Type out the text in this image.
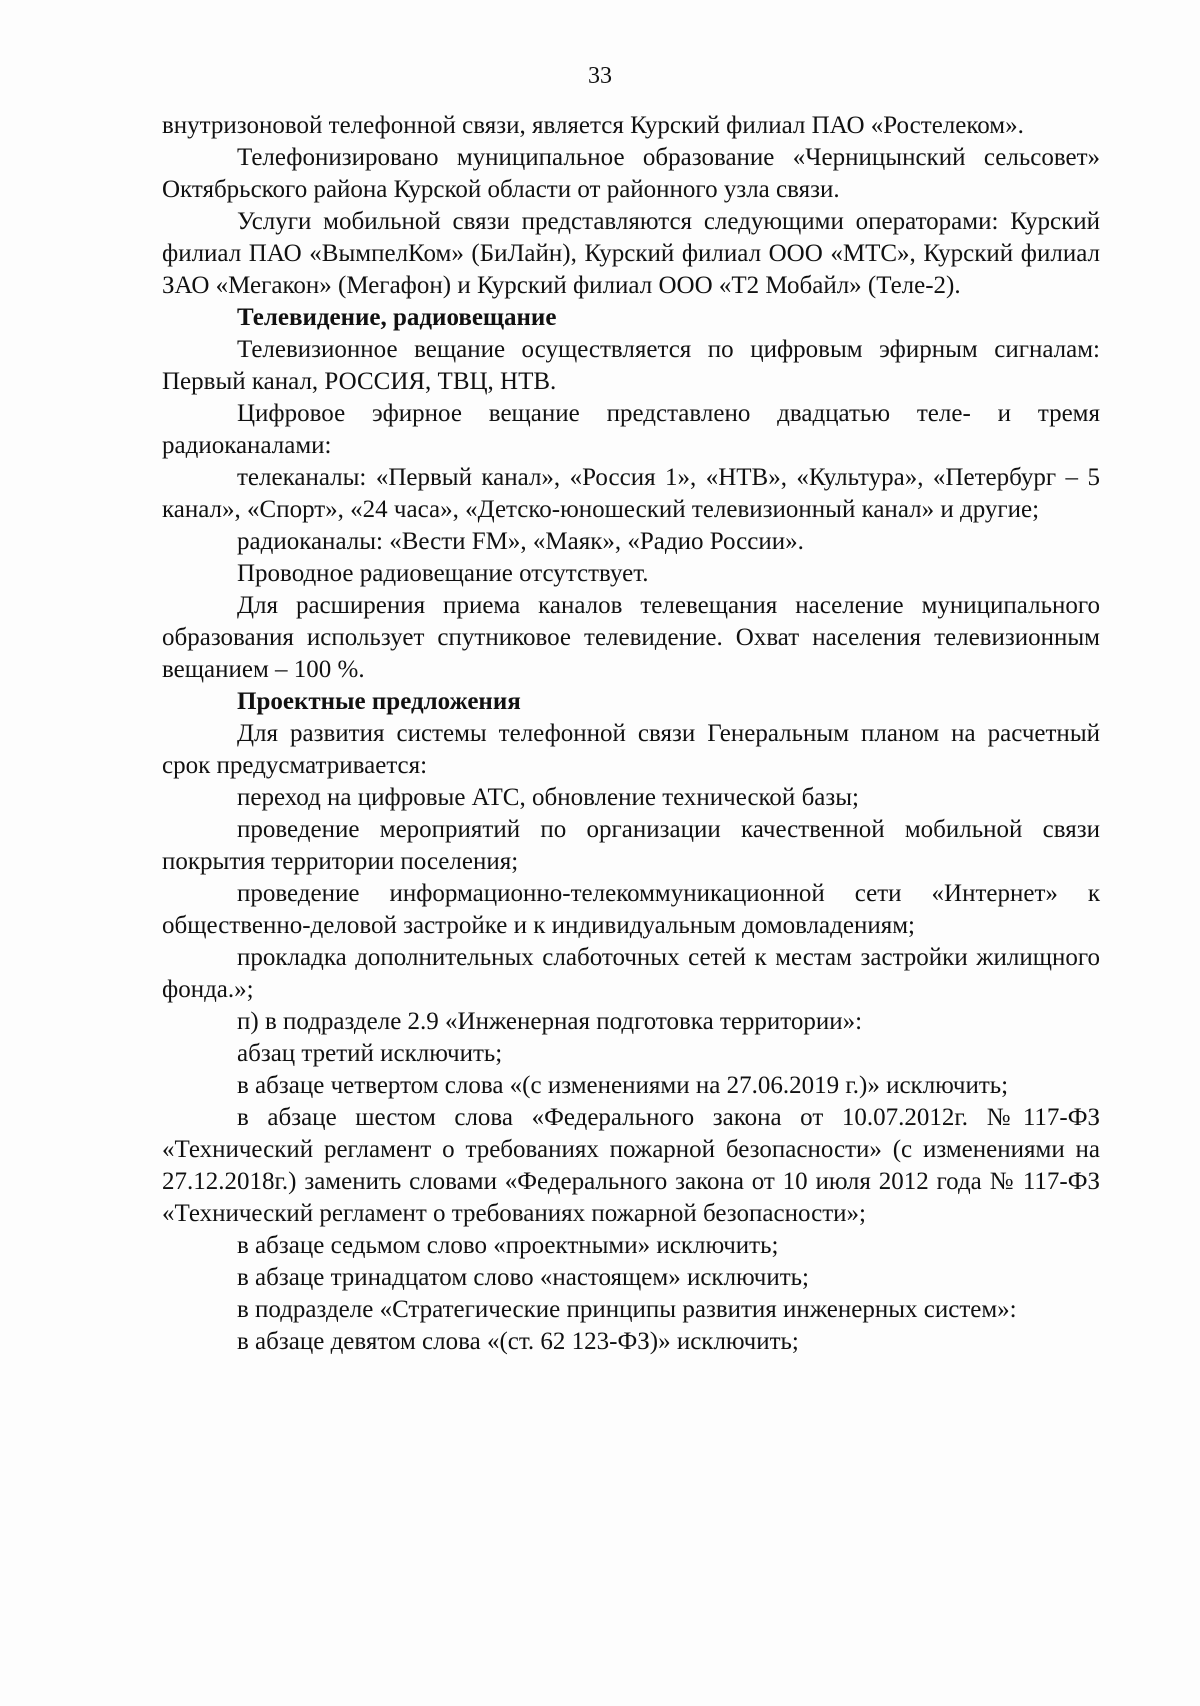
33

внутризоновой телефонной связи, является Курский филиал ПАО «Ростелеком».

Телефонизировано муниципальное образование «Черницынский сельсовет» Октябрьского района Курской области от районного узла связи.

Услуги мобильной связи представляются следующими операторами: Курский филиал ПАО «ВымпелКом» (БиЛайн), Курский филиал ООО «МТС», Курский филиал ЗАО «Мегакон» (Мегафон) и Курский филиал ООО «Т2 Мобайл» (Теле-2).

Телевидение, радиовещание

Телевизионное вещание осуществляется по цифровым эфирным сигналам: Первый канал, РОССИЯ, ТВЦ, НТВ.

Цифровое эфирное вещание представлено двадцатью теле- и тремя радиоканалами:

телеканалы: «Первый канал», «Россия 1», «НТВ», «Культура», «Петербург – 5 канал», «Спорт», «24 часа», «Детско-юношеский телевизионный канал» и другие;

радиоканалы: «Вести FM», «Маяк», «Радио России».

Проводное радиовещание отсутствует.

Для расширения приема каналов телевещания население муниципального образования использует спутниковое телевидение. Охват населения телевизионным вещанием – 100 %.

Проектные предложения

Для развития системы телефонной связи Генеральным планом на расчетный срок предусматривается:

переход на цифровые АТС, обновление технической базы;

проведение мероприятий по организации качественной мобильной связи покрытия территории поселения;

проведение информационно-телекоммуникационной сети «Интернет» к общественно-деловой застройке и к индивидуальным домовладениям;

прокладка дополнительных слаботочных сетей к местам застройки жилищного фонда.»;

п) в подразделе 2.9 «Инженерная подготовка территории»:

абзац третий исключить;

в абзаце четвертом слова «(с изменениями на 27.06.2019 г.)» исключить;

в абзаце шестом слова «Федерального закона от 10.07.2012г. №117-ФЗ «Технический регламент о требованиях пожарной безопасности» (с изменениями на 27.12.2018г.) заменить словами «Федерального закона от 10 июля 2012 года № 117-ФЗ «Технический регламент о требованиях пожарной безопасности»;

в абзаце седьмом слово «проектными» исключить;

в абзаце тринадцатом слово «настоящем» исключить;

в подразделе «Стратегические принципы развития инженерных систем»:

в абзаце девятом слова «(ст. 62 123-ФЗ)» исключить;
